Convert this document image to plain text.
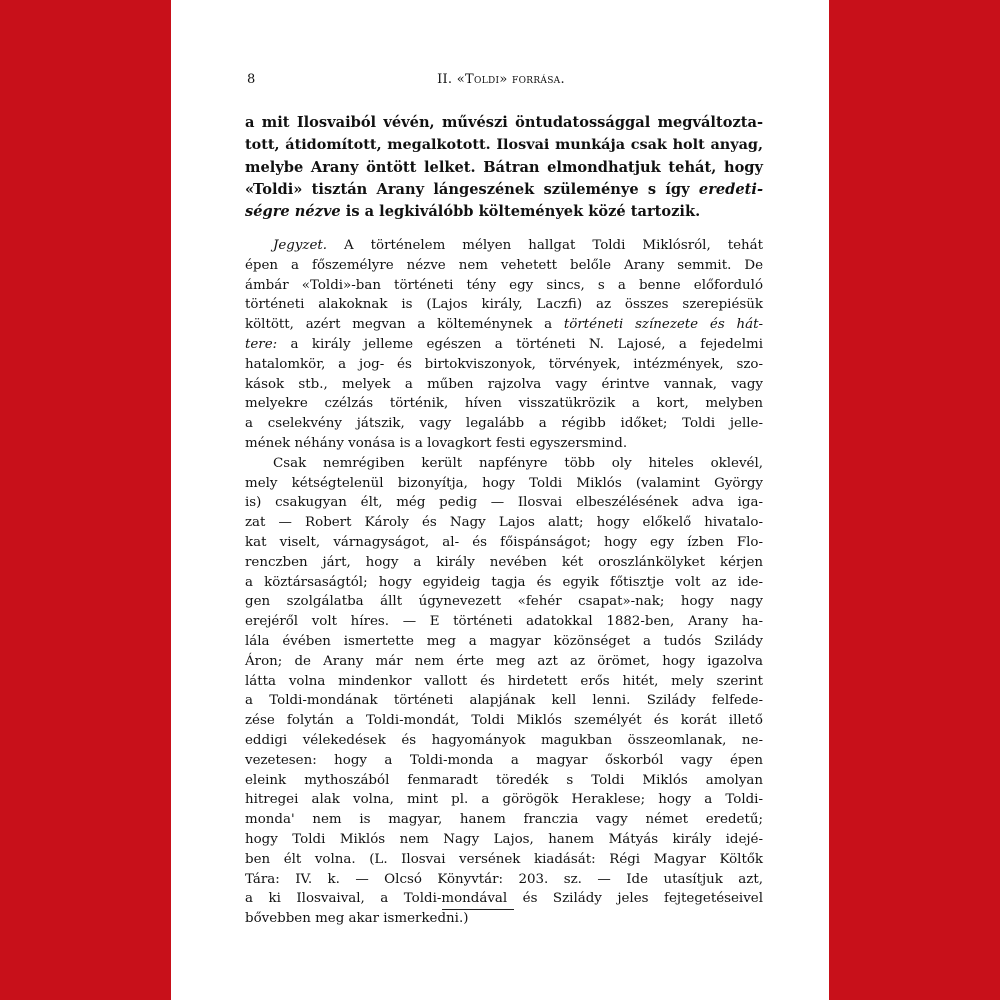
8	II. «Toldi» forrása.
a mit Ilosvaiból vévén, művészi öntudatossággal megváltozta-
tott, átidomított, megalkotott. Ilosvai munkája csak holt anyag,
melybe Arany öntött lelket. Bátran elmondhatjuk tehát, hogy
«Toldi» tisztán Arany lángeszének szüleménye s így eredeti-
ségre nézve is a legkiválóbb költemények közé tartozik.
Jegyzet. A történelem mélyen hallgat Toldi Miklósról, tehát
épen a főszemélyre nézve nem vehetett belőle Arany semmit. De
ámbár «Toldi»-ban történeti tény egy sincs, s a benne előforduló
történeti alakoknak is (Lajos király, Laczfi) az összes szerepiésük
költött, azért megvan a költeménynek a történeti színezete és hát-
tere: a király jelleme egészen a történeti N. Lajosé, a fejedelmi
hatalomkör, a jog- és birtokviszonyok, törvények, intézmények, szo-
kások stb., melyek a műben rajzolva vagy érintve vannak, vagy
melyekre czélzás történik, híven visszatükrözik a kort, melyben
a cselekvény játszik, vagy legalább a régibb időket; Toldi jelle-
mének néhány vonása is a lovagkort festi egyszersmind.
Csak nemrégiben került napfényre több oly hiteles oklevél,
mely kétségtelenül bizonyítja, hogy Toldi Miklós (valamint György
is) csakugyan élt, még pedig — Ilosvai elbeszélésének adva iga-
zat — Robert Károly és Nagy Lajos alatt; hogy előkelő hivatalo-
kat viselt, várnagyságot, al- és főispánságot; hogy egy ízben Flo-
renczben járt, hogy a király nevében két oroszlánkölyket kérjen
a köztársaságtól; hogy egyideig tagja és egyik főtisztje volt az ide-
gen szolgálatba állt úgynevezett «fehér csapat»-nak; hogy nagy
erejéről volt híres. — E történeti adatokkal 1882-ben, Arany ha-
lála évében ismertette meg a magyar közönséget a tudós Szilády
Áron; de Arany már nem érte meg azt az örömet, hogy igazolva
látta volna mindenkor vallott és hirdetett erős hitét, mely szerint
a Toldi-mondának történeti alapjának kell lenni. Szilády felfede-
zése folytán a Toldi-mondát, Toldi Miklós személyét és korát illető
eddigi vélekedések és hagyományok magukban összeomlanak, ne-
vezetesen: hogy a Toldi-monda a magyar őskorból vagy épen
eleink mythoszából fenmaradt töredék s Toldi Miklós amolyan
hitregei alak volna, mint pl. a görögök Heraklese; hogy a Toldi-
monda' nem is magyar, hanem franczia vagy német eredetű;
hogy Toldi Miklós nem Nagy Lajos, hanem Mátyás király idejé-
ben élt volna. (L. Ilosvai versének kiadását: Régi Magyar Költők
Tára: IV. k. — Olcsó Könyvtár: 203. sz. — Ide utasítjuk azt,
a ki Ilosvaival, a Toldi-mondával és Szilády jeles fejtegetéseivel
bővebben meg akar ismerkedni.)
